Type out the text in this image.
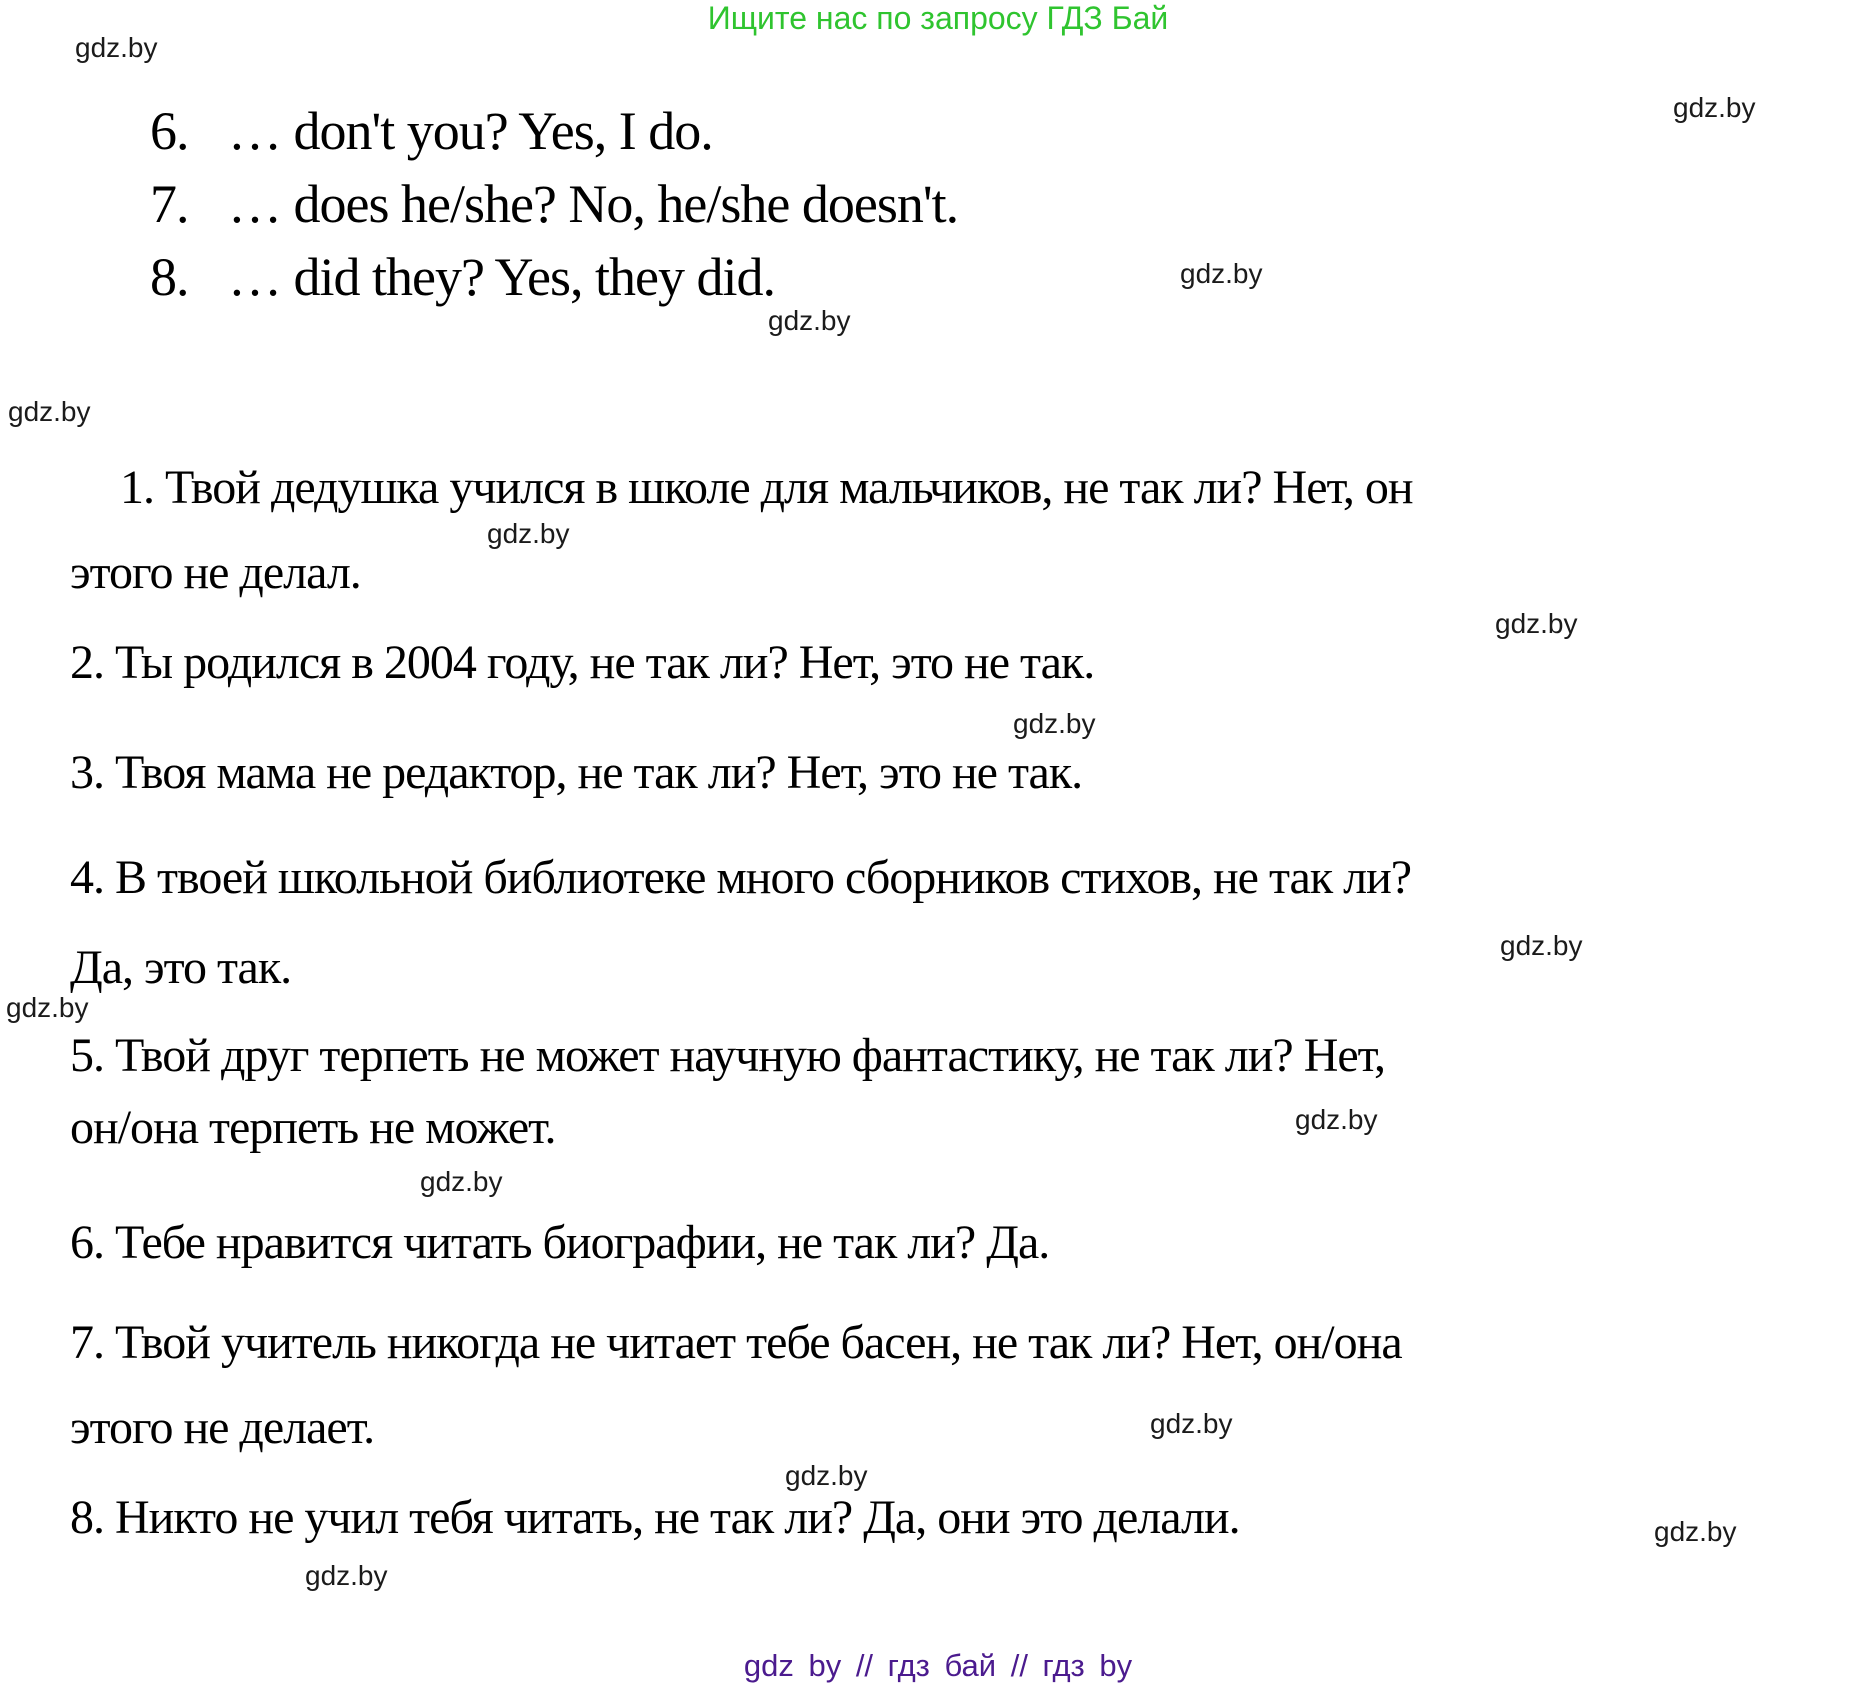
Ищите нас по запросу ГДЗ Бай
gdz.by
gdz.by
gdz.by
gdz.by
gdz.by
gdz.by
gdz.by
gdz.by
gdz.by
gdz.by
gdz.by
gdz.by
gdz.by
gdz.by
gdz.by
gdz.by
6. … don't you? Yes, I do.
7. … does he/she? No, he/she doesn't.
8. … did they? Yes, they did.
1. Твой дедушка учился в школе для мальчиков, не так ли? Нет, он
этого не делал.
2. Ты родился в 2004 году, не так ли? Нет, это не так.
3. Твоя мама не редактор, не так ли? Нет, это не так.
4. В твоей школьной библиотеке много сборников стихов, не так ли?
Да, это так.
5. Твой друг терпеть не может научную фантастику, не так ли? Нет,
он/она терпеть не может.
6. Тебе нравится читать биографии, не так ли? Да.
7. Твой учитель никогда не читает тебе басен, не так ли? Нет, он/она
этого не делает.
8. Никто не учил тебя читать, не так ли? Да, они это делали.
gdz by // гдз бай // гдз by
